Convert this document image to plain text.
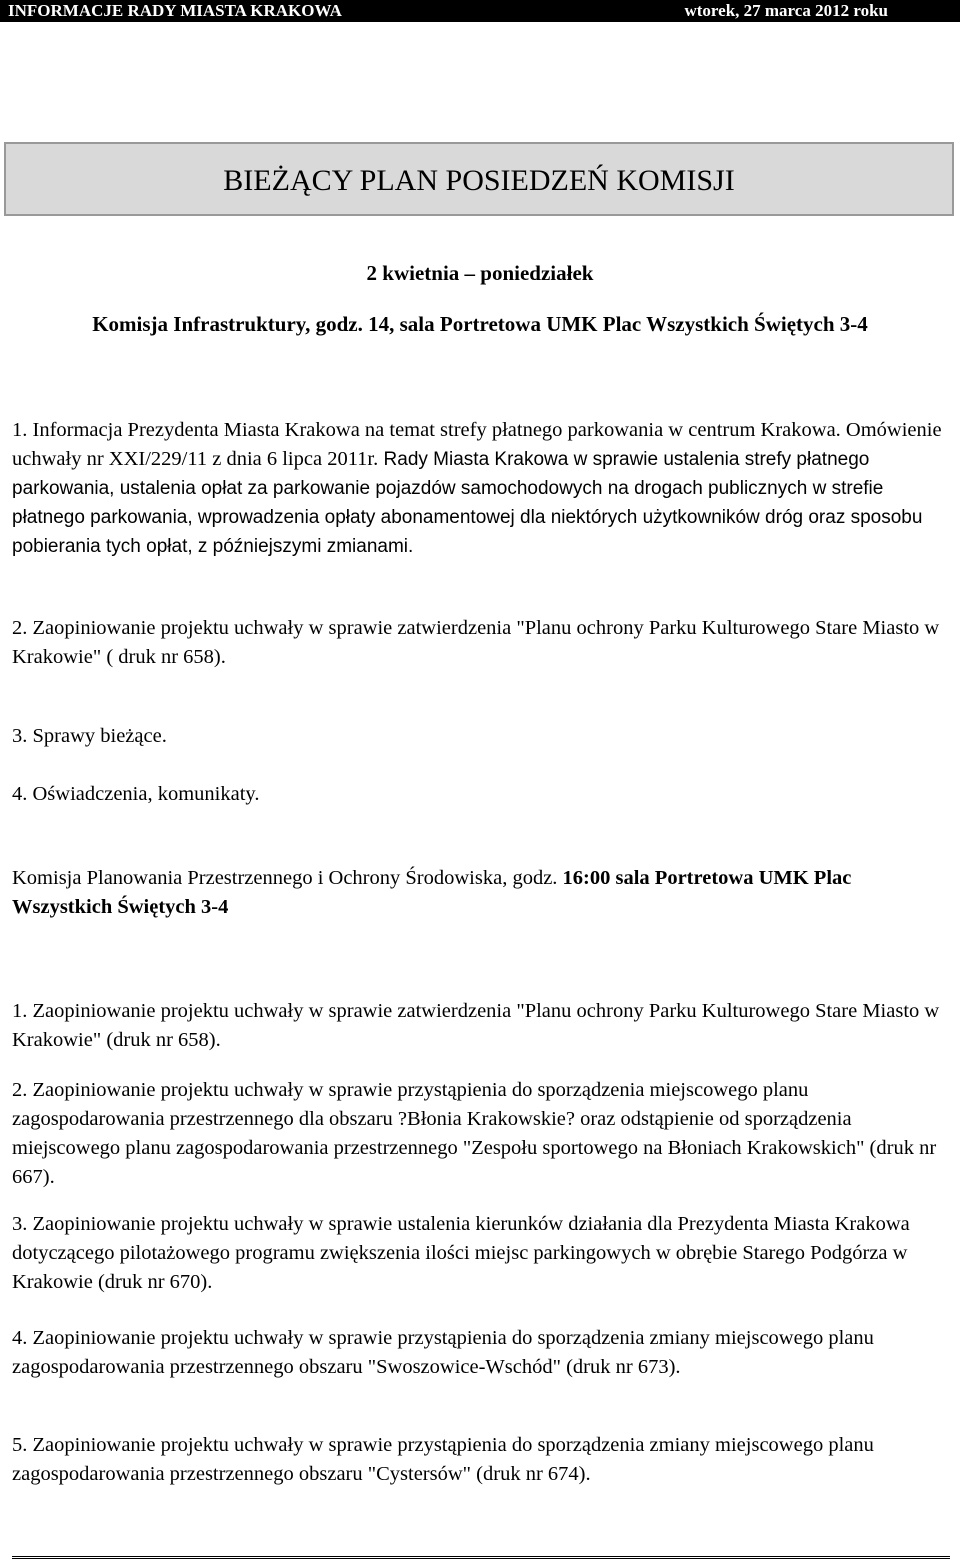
INFORMACJE RADY MIASTA KRAKOWA	wtorek, 27 marca 2012 roku
BIEŻĄCY PLAN POSIEDZEŃ KOMISJI
2 kwietnia – poniedziałek
Komisja Infrastruktury, godz. 14, sala Portretowa UMK Plac Wszystkich Świętych 3-4

1. Informacja Prezydenta Miasta Krakowa na temat strefy płatnego parkowania w centrum Krakowa. Omówienie uchwały nr XXI/229/11 z dnia 6 lipca 2011r. Rady Miasta Krakowa w sprawie ustalenia strefy płatnego parkowania, ustalenia opłat za parkowanie pojazdów samochodowych na drogach publicznych w strefie płatnego parkowania, wprowadzenia opłaty abonamentowej dla niektórych użytkowników dróg oraz sposobu pobierania tych opłat, z późniejszymi zmianami.

2. Zaopiniowanie projektu uchwały w sprawie zatwierdzenia "Planu ochrony Parku Kulturowego Stare Miasto w Krakowie" ( druk nr 658).

3. Sprawy bieżące.

4. Oświadczenia, komunikaty.

Komisja Planowania Przestrzennego i Ochrony Środowiska, godz. 16:00 sala Portretowa UMK Plac Wszystkich Świętych 3-4

1. Zaopiniowanie projektu uchwały w sprawie zatwierdzenia "Planu ochrony Parku Kulturowego Stare Miasto w Krakowie" (druk nr 658).

2. Zaopiniowanie projektu uchwały w sprawie przystąpienia do sporządzenia miejscowego planu zagospodarowania przestrzennego dla obszaru ?Błonia Krakowskie? oraz odstąpienie od sporządzenia miejscowego planu zagospodarowania przestrzennego "Zespołu sportowego na Błoniach Krakowskich" (druk nr 667).

3. Zaopiniowanie projektu uchwały w sprawie ustalenia kierunków działania dla Prezydenta Miasta Krakowa dotyczącego pilotażowego programu zwiększenia ilości miejsc parkingowych w obrębie Starego Podgórza w Krakowie (druk nr 670).

4. Zaopiniowanie projektu uchwały w sprawie przystąpienia do sporządzenia zmiany miejscowego planu zagospodarowania przestrzennego obszaru "Swoszowice-Wschód" (druk nr 673).

5. Zaopiniowanie projektu uchwały w sprawie przystąpienia do sporządzenia zmiany miejscowego planu zagospodarowania przestrzennego obszaru "Cystersów" (druk nr 674).
